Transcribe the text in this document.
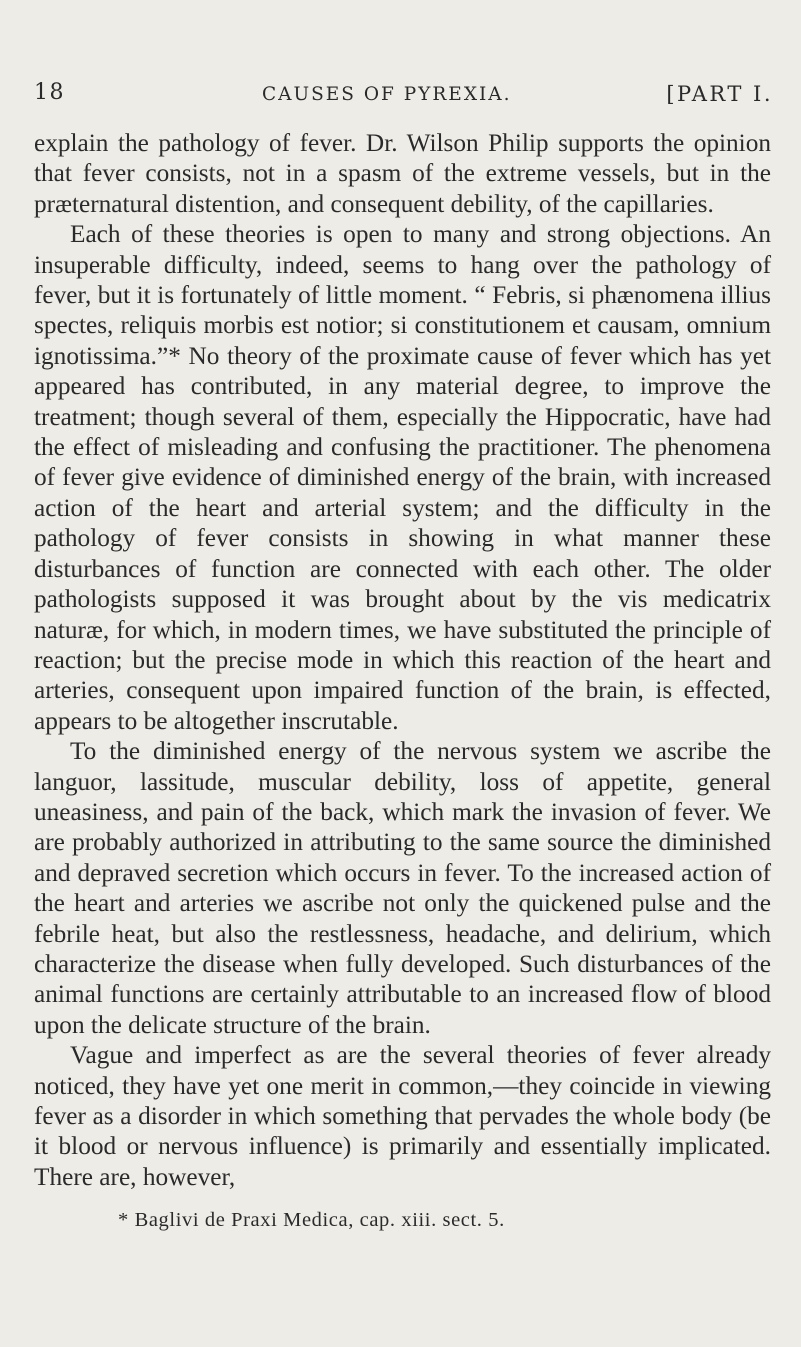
18	CAUSES OF PYREXIA.	[PART I.

explain the pathology of fever. Dr. Wilson Philip supports the opinion that fever consists, not in a spasm of the extreme vessels, but in the præternatural distention, and consequent debility, of the capillaries.

Each of these theories is open to many and strong objections. An insuperable difficulty, indeed, seems to hang over the pathology of fever, but it is fortunately of little moment. “ Febris, si phænomena illius spectes, reliquis morbis est notior; si constitutionem et causam, omnium ignotissima.”* No theory of the proximate cause of fever which has yet appeared has contributed, in any material degree, to improve the treatment; though several of them, especially the Hippocratic, have had the effect of misleading and confusing the practitioner. The phenomena of fever give evidence of diminished energy of the brain, with increased action of the heart and arterial system; and the difficulty in the pathology of fever consists in showing in what manner these disturbances of function are connected with each other. The older pathologists supposed it was brought about by the vis medicatrix naturæ, for which, in modern times, we have substituted the principle of reaction; but the precise mode in which this reaction of the heart and arteries, consequent upon impaired function of the brain, is effected, appears to be altogether inscrutable.

To the diminished energy of the nervous system we ascribe the languor, lassitude, muscular debility, loss of appetite, general uneasiness, and pain of the back, which mark the invasion of fever. We are probably authorized in attributing to the same source the diminished and depraved secretion which occurs in fever. To the increased action of the heart and arteries we ascribe not only the quickened pulse and the febrile heat, but also the restlessness, headache, and delirium, which characterize the disease when fully developed. Such disturbances of the animal functions are certainly attributable to an increased flow of blood upon the delicate structure of the brain.

Vague and imperfect as are the several theories of fever already noticed, they have yet one merit in common,—they coincide in viewing fever as a disorder in which something that pervades the whole body (be it blood or nervous influence) is primarily and essentially implicated. There are, however,

* Baglivi de Praxi Medica, cap. xiii. sect. 5.
